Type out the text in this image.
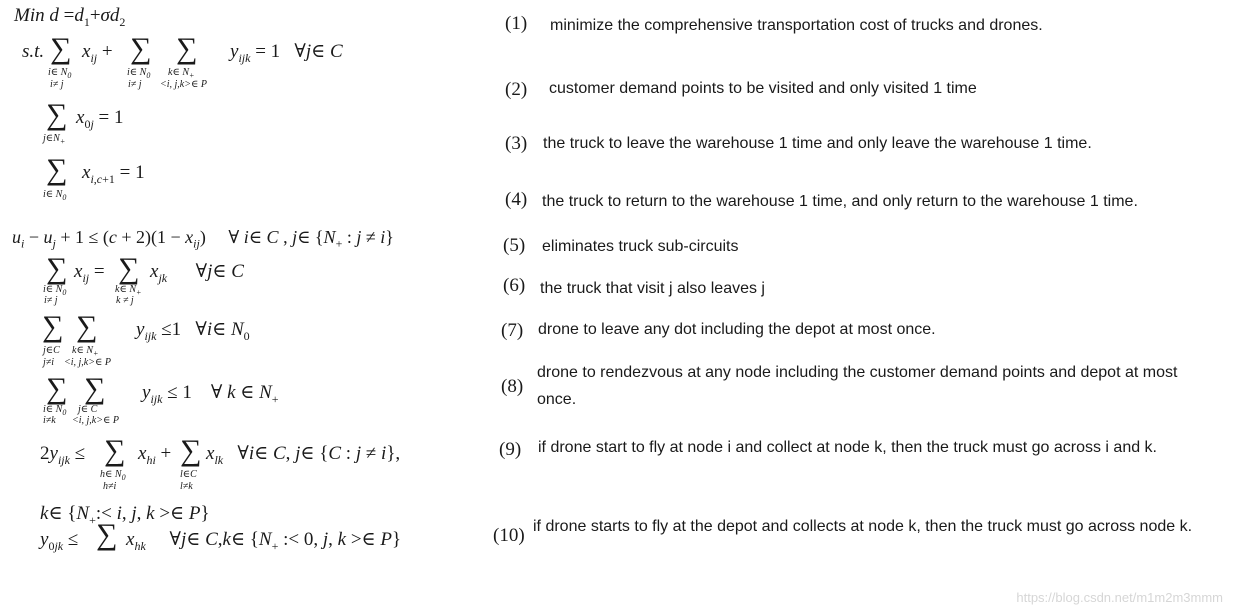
Min $d =d_1+\sigma d_2$
s.t. ∑
i∈ $N_0$
i≠ j
$x_{ij}$ + ∑
i∈ $N_0$
i≠ j
∑
k∈ $N_+$
<i, j,k>∈ P
$y_{ijk} = 1$   ∀j∈ C
∑
$j\in N_+$
$x_{0j} = 1$
∑
i∈ $N_0$
$x_{i,c+1} = 1$
$u_i - u_j + 1 \le (c + 2)(1 - x_{ij})$     ∀ i∈ C , j∈ {$N_+$ : j ≠ i}
∑
i∈ $N_0$
i≠ j
$x_{ij}$ = ∑
k∈ $N_+$
k ≠ j
$x_{jk}$      ∀j∈ C
∑
j∈C
j≠i
∑
k∈ $N_+$
<i, j,k>∈ P
$y_{ijk} \le 1$   ∀i∈ $N_0$
∑
i∈ $N_0$
i≠k
∑
j∈ C
<i, j,k>∈ P
$y_{ijk} \le 1$    ∀ k ∈ $N_+$
$2y_{ijk}$ ≤ ∑
h∈ $N_0$
h≠i
$x_{hi}$ + ∑
l∈C
l≠k
$x_{lk}$   ∀i∈ C, j∈ {C : j ≠ i},
k∈ {$N_+:< i$, j, k >∈ P}
$y_{0jk}$ ≤ ∑ $x_{hk}$     ∀j∈ C,k∈ {$N_+$ :< 0, j, k >∈ P}
(1) minimize the comprehensive transportation cost of trucks and drones.
(2) customer demand points to be visited and only visited 1 time
(3) the truck to leave the warehouse 1 time and only leave the warehouse 1 time.
(4) the truck to return to the warehouse 1 time, and only return to the warehouse 1 time.
(5) eliminates truck sub-circuits
(6) the truck that visit j also leaves j
(7) drone to leave any dot including the depot at most once.
(8)
drone to rendezvous at any node including the customer demand points and depot at most once.
(9) if drone start to fly at node i and collect at node k, then the truck must go across i and k.
(10) if drone starts to fly at the depot and collects at node k, then the truck must go across node k.
https://blog.csdn.net/m1m2m3mmm
